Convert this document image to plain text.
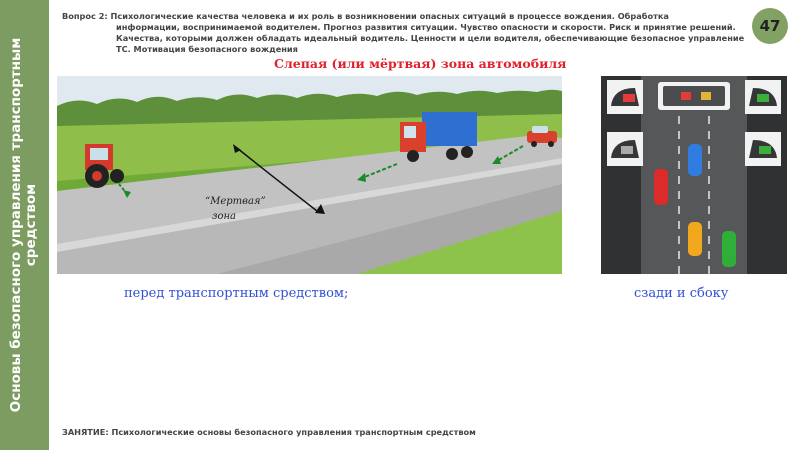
Основы безопасного управления транспортным средством
Вопрос 2: Психологические качества человека и их роль в возникновении опасных ситуаций в процессе вождения. Обработка
информации, воспринимаемой водителем. Прогноз развития ситуации. Чувство опасности и скорости. Риск и принятие решений. Качества, которыми должен обладать идеальный водитель. Ценности и цели водителя, обеспечивающие безопасное управление ТС. Мотивация безопасного вождения
47
Слепая (или мёртвая) зона автомобиля
“Мертвая”
зона
перед транспортным средством;	сзади и сбоку
ЗАНЯТИЕ: Психологические основы безопасного управления транспортным средством
